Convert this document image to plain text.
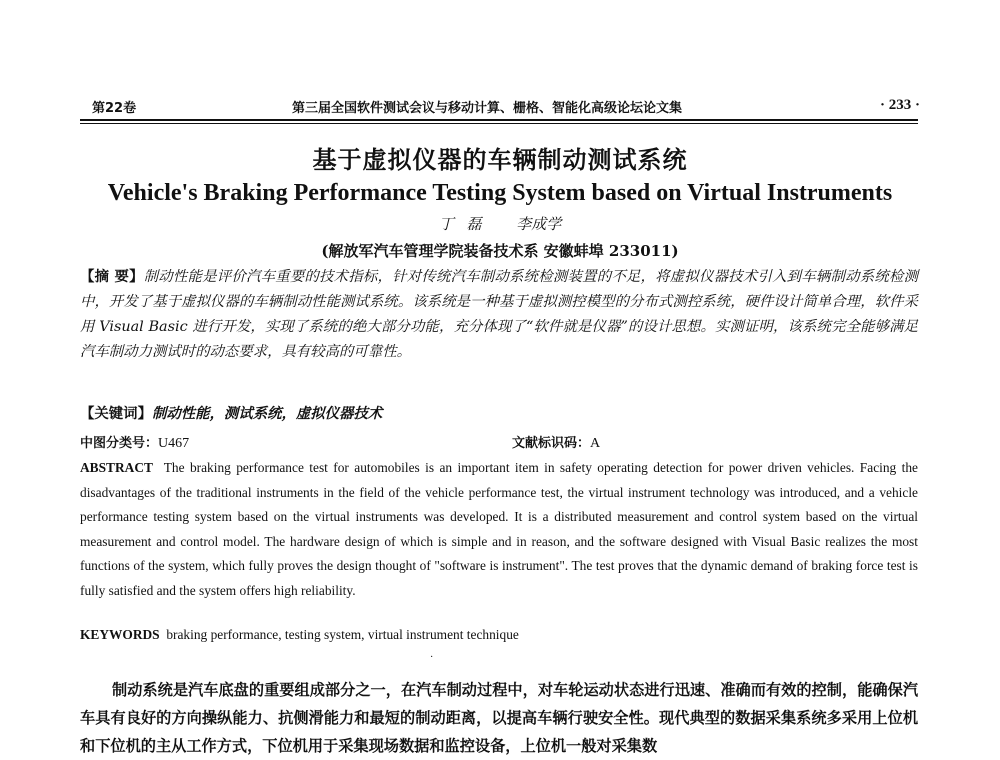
第22卷	第三届全国软件测试会议与移动计算、栅格、智能化高级论坛论文集	· 233 ·
基于虚拟仪器的车辆制动测试系统
Vehicle's Braking Performance Testing System based on Virtual Instruments
丁 磊 李成学
(解放军汽车管理学院装备技术系 安徽蚌埠 233011)
【摘 要】制动性能是评价汽车重要的技术指标，针对传统汽车制动系统检测装置的不足，将虚拟仪器技术引入到车辆制动系统检测中，开发了基于虚拟仪器的车辆制动性能测试系统。该系统是一种基于虚拟测控模型的分布式测控系统，硬件设计简单合理，软件采用 Visual Basic 进行开发，实现了系统的绝大部分功能，充分体现了“软件就是仪器”的设计思想。实测证明，该系统完全能够满足汽车制动力测试时的动态要求，具有较高的可靠性。
【关键词】制动性能，测试系统，虚拟仪器技术
中图分类号：U467	文献标识码：A
ABSTRACT The braking performance test for automobiles is an important item in safety operating detection for power driven vehicles. Facing the disadvantages of the traditional instruments in the field of the vehicle performance test, the virtual instrument technology was introduced, and a vehicle performance testing system based on the virtual instruments was developed. It is a distributed measurement and control system based on the virtual measurement and control model. The hardware design of which is simple and in reason, and the software designed with Visual Basic realizes the most functions of the system, which fully proves the design thought of "software is instrument". The test proves that the dynamic demand of braking force test is fully satisfied and the system offers high reliability.
KEYWORDS braking performance, testing system, virtual instrument technique
·
制动系统是汽车底盘的重要组成部分之一，在汽车制动过程中，对车轮运动状态进行迅速、准确而有效的控制，能确保汽车具有良好的方向操纵能力、抗侧滑能力和最短的制动距离，以提高车辆行驶安全性。现代典型的数据采集系统多采用上位机和下位机的主从工作方式，下位机用于采集现场数据和监控设备，上位机一般对采集数
